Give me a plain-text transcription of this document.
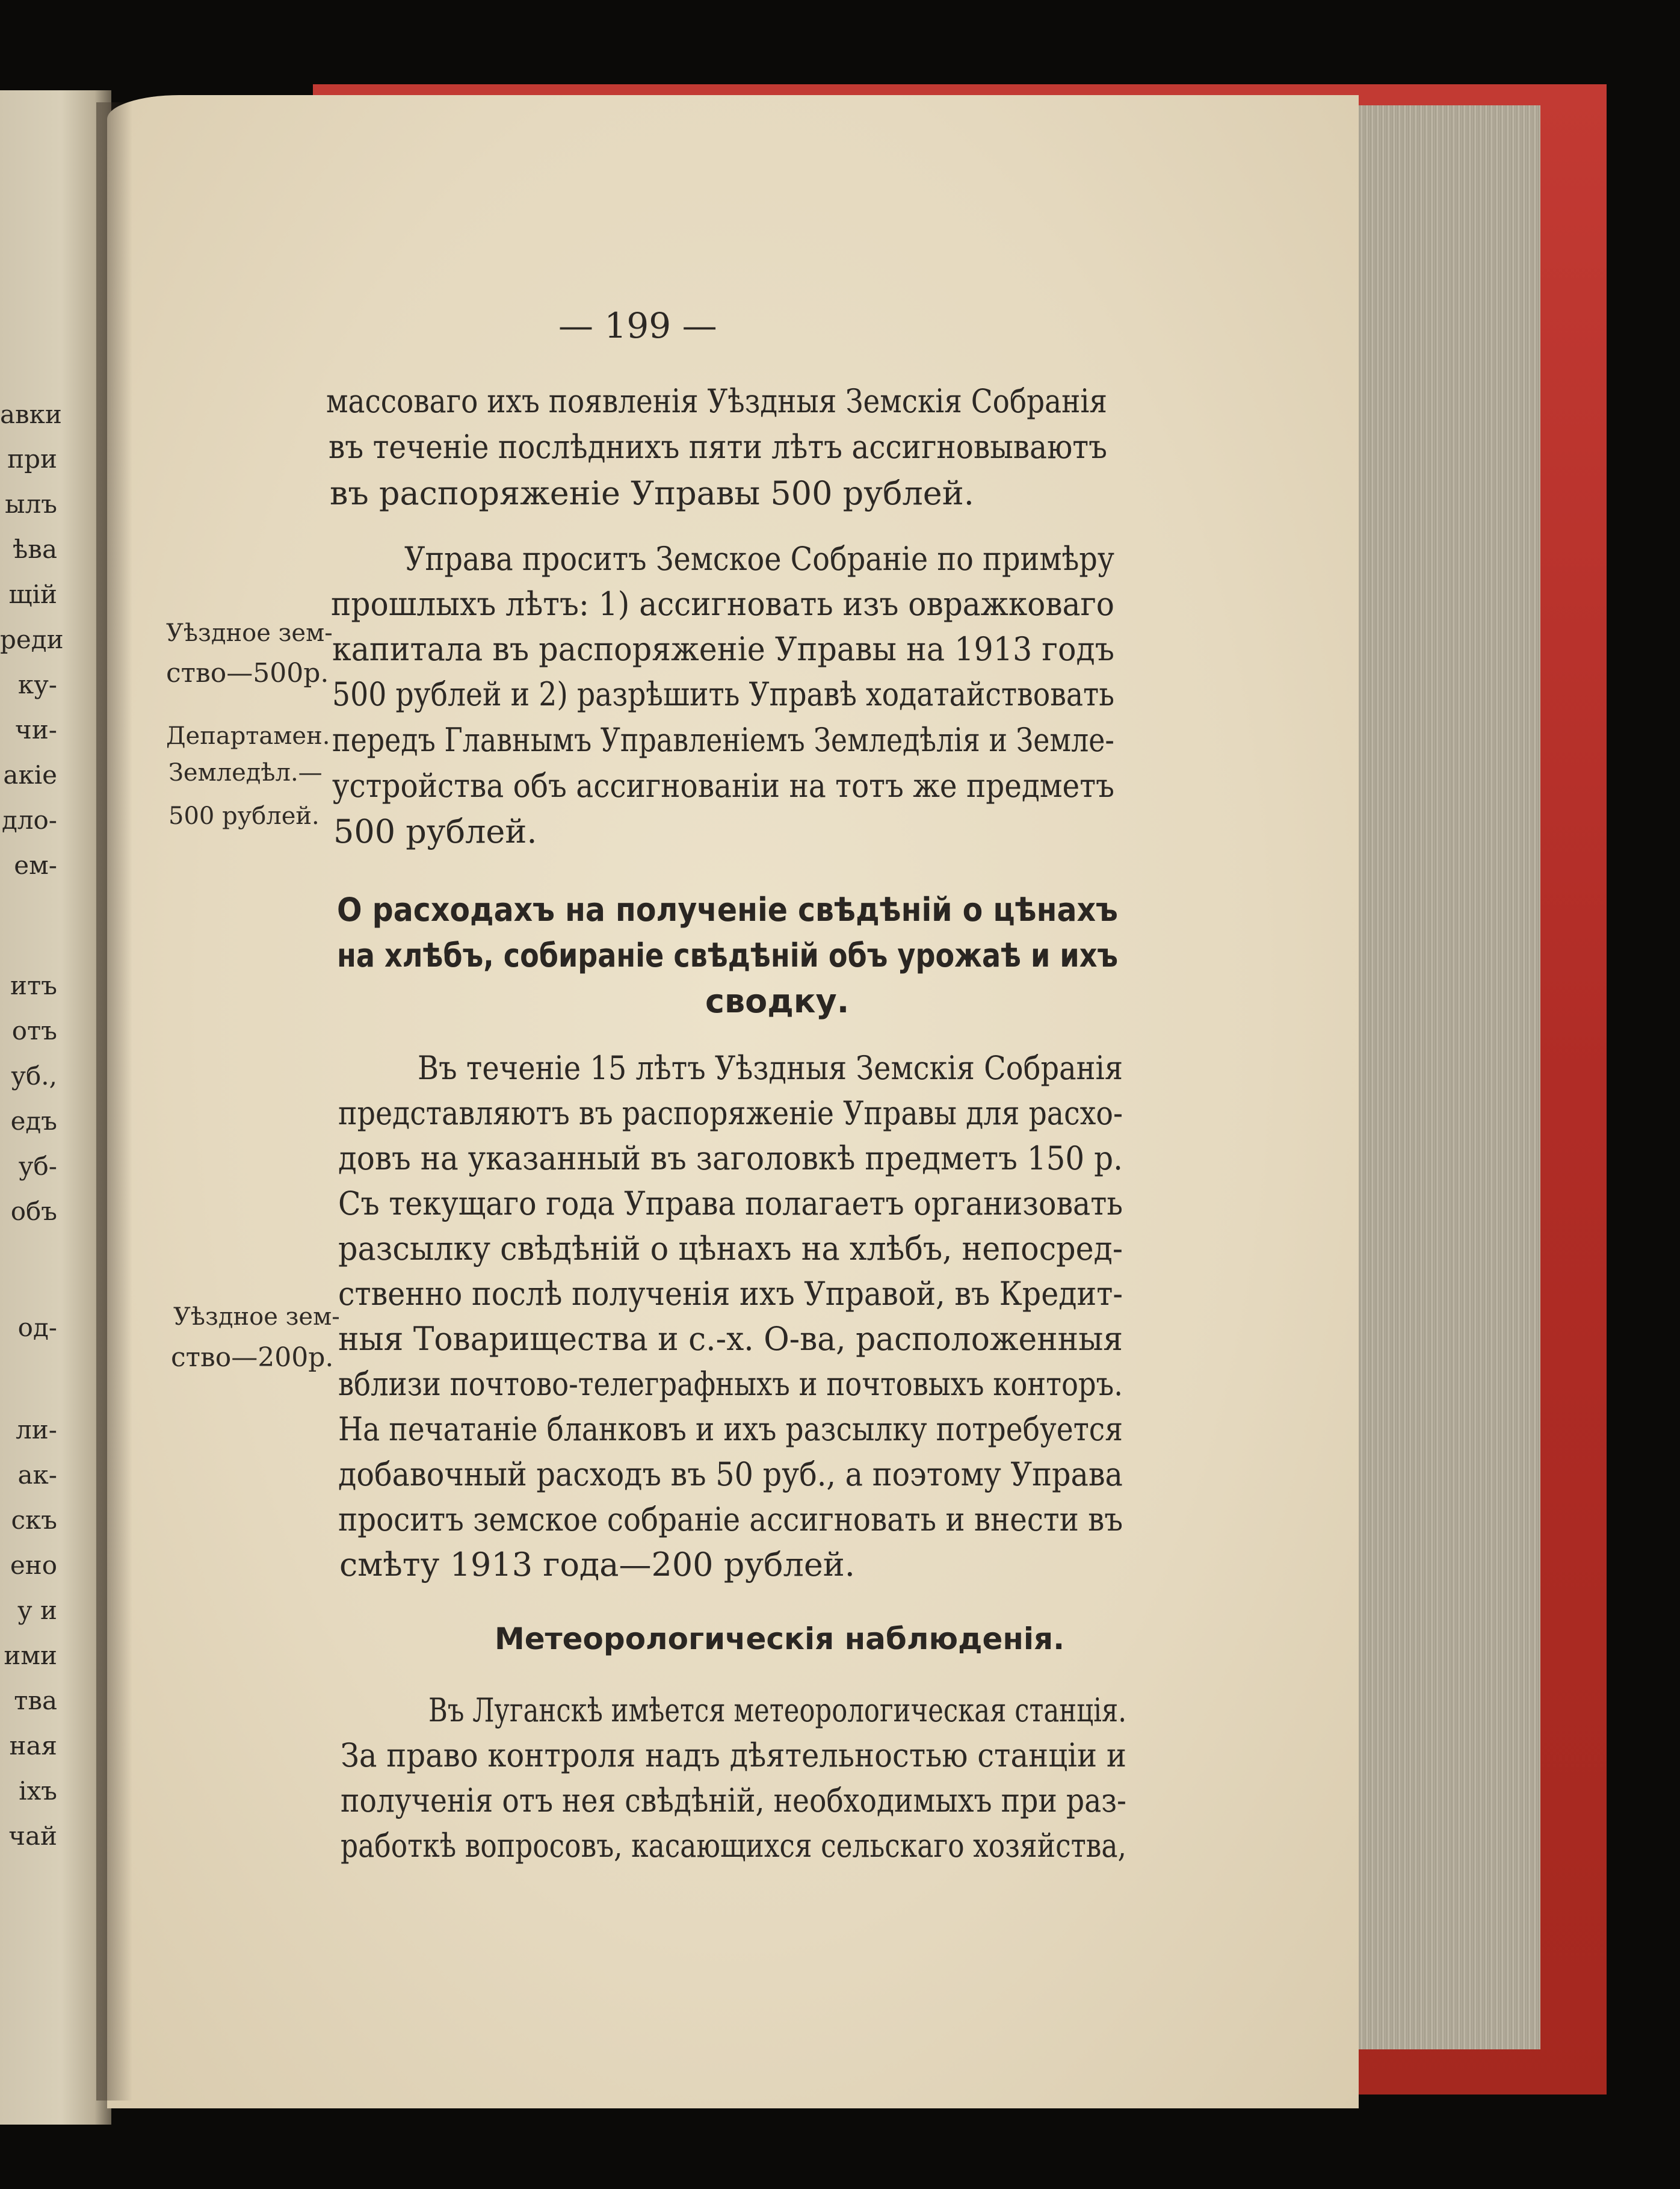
авки
при
ылъ
ѣва
щій
реди
ку-
чи-
акіе
дло-
ем-
итъ
отъ
уб.,
едъ
уб-
объ
од-
ли-
ак-
скъ
ено
у и
ими
тва
ная
іхъ
чай
— 199 —
массоваго ихъ появленія Уѣздныя Земскія Собранія
въ теченіе послѣднихъ пяти лѣтъ ассигновываютъ
въ распоряженіе Управы 500 рублей.
Управа проситъ Земское Собраніе по примѣру
прошлыхъ лѣтъ: 1) ассигновать изъ овражковаго
капитала въ распоряженіе Управы на 1913 годъ
500 рублей и 2) разрѣшить Управѣ ходатайствовать
передъ Главнымъ Управленіемъ Земледѣлія и Земле-
устройства объ ассигнованіи на тотъ же предметъ
500 рублей.
Уѣздное зем-
ство—500р.
Департамен.
Земледѣл.—
500 рублей.
О расходахъ на полученіе свѣдѣній о цѣнахъ
на хлѣбъ, собираніе свѣдѣній объ урожаѣ и ихъ
сводку.
Въ теченіе 15 лѣтъ Уѣздныя Земскія Собранія
представляютъ въ распоряженіе Управы для расхо-
довъ на указанный въ заголовкѣ предметъ 150 р.
Съ текущаго года Управа полагаетъ организовать
разсылку свѣдѣній о цѣнахъ на хлѣбъ, непосред-
ственно послѣ полученія ихъ Управой, въ Кредит-
ныя Товарищества и с.-х. О-ва, расположенныя
вблизи почтово-телеграфныхъ и почтовыхъ конторъ.
На печатаніе бланковъ и ихъ разсылку потребуется
добавочный расходъ въ 50 руб., а поэтому Управа
проситъ земское собраніе ассигновать и внести въ
смѣту 1913 года—200 рублей.
Уѣздное зем-
ство—200р.
Метеорологическія наблюденія.
Въ Луганскѣ имѣется метеорологическая станція.
За право контроля надъ дѣятельностью станціи и
полученія отъ нея свѣдѣній, необходимыхъ при раз-
работкѣ вопросовъ, касающихся сельскаго хозяйства,
